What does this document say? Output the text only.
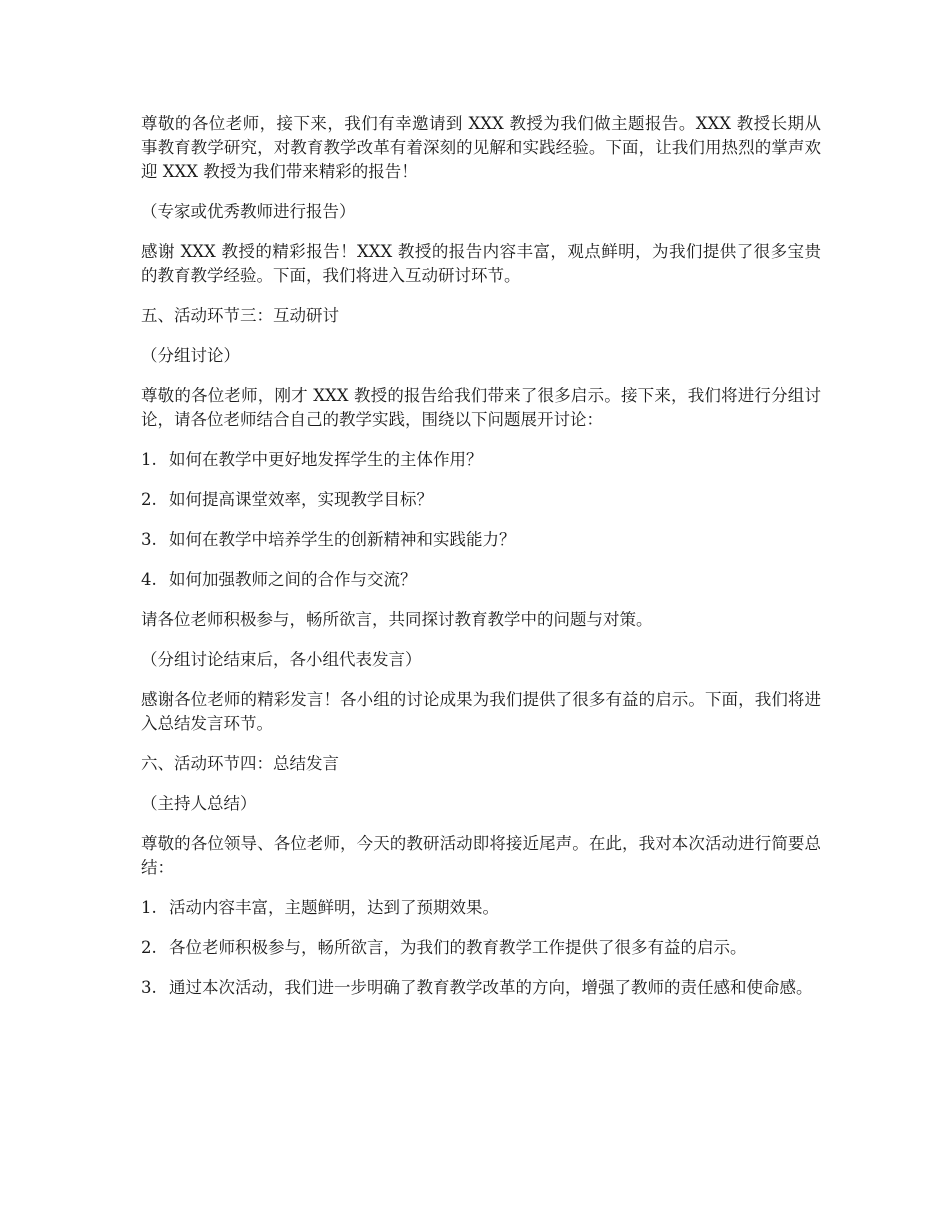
尊敬的各位老师，接下来，我们有幸邀请到 XXX 教授为我们做主题报告。XXX 教授长期从事教育教学研究，对教育教学改革有着深刻的见解和实践经验。下面，让我们用热烈的掌声欢迎 XXX 教授为我们带来精彩的报告！

（专家或优秀教师进行报告）

感谢 XXX 教授的精彩报告！XXX 教授的报告内容丰富，观点鲜明，为我们提供了很多宝贵的教育教学经验。下面，我们将进入互动研讨环节。

五、活动环节三：互动研讨

（分组讨论）

尊敬的各位老师，刚才 XXX 教授的报告给我们带来了很多启示。接下来，我们将进行分组讨论，请各位老师结合自己的教学实践，围绕以下问题展开讨论：

1. 如何在教学中更好地发挥学生的主体作用？
2. 如何提高课堂效率，实现教学目标？
3. 如何在教学中培养学生的创新精神和实践能力？
4. 如何加强教师之间的合作与交流？

请各位老师积极参与，畅所欲言，共同探讨教育教学中的问题与对策。

（分组讨论结束后，各小组代表发言）

感谢各位老师的精彩发言！各小组的讨论成果为我们提供了很多有益的启示。下面，我们将进入总结发言环节。

六、活动环节四：总结发言

（主持人总结）

尊敬的各位领导、各位老师，今天的教研活动即将接近尾声。在此，我对本次活动进行简要总结：

1. 活动内容丰富，主题鲜明，达到了预期效果。
2. 各位老师积极参与，畅所欲言，为我们的教育教学工作提供了很多有益的启示。
3. 通过本次活动，我们进一步明确了教育教学改革的方向，增强了教师的责任感和使命感。
